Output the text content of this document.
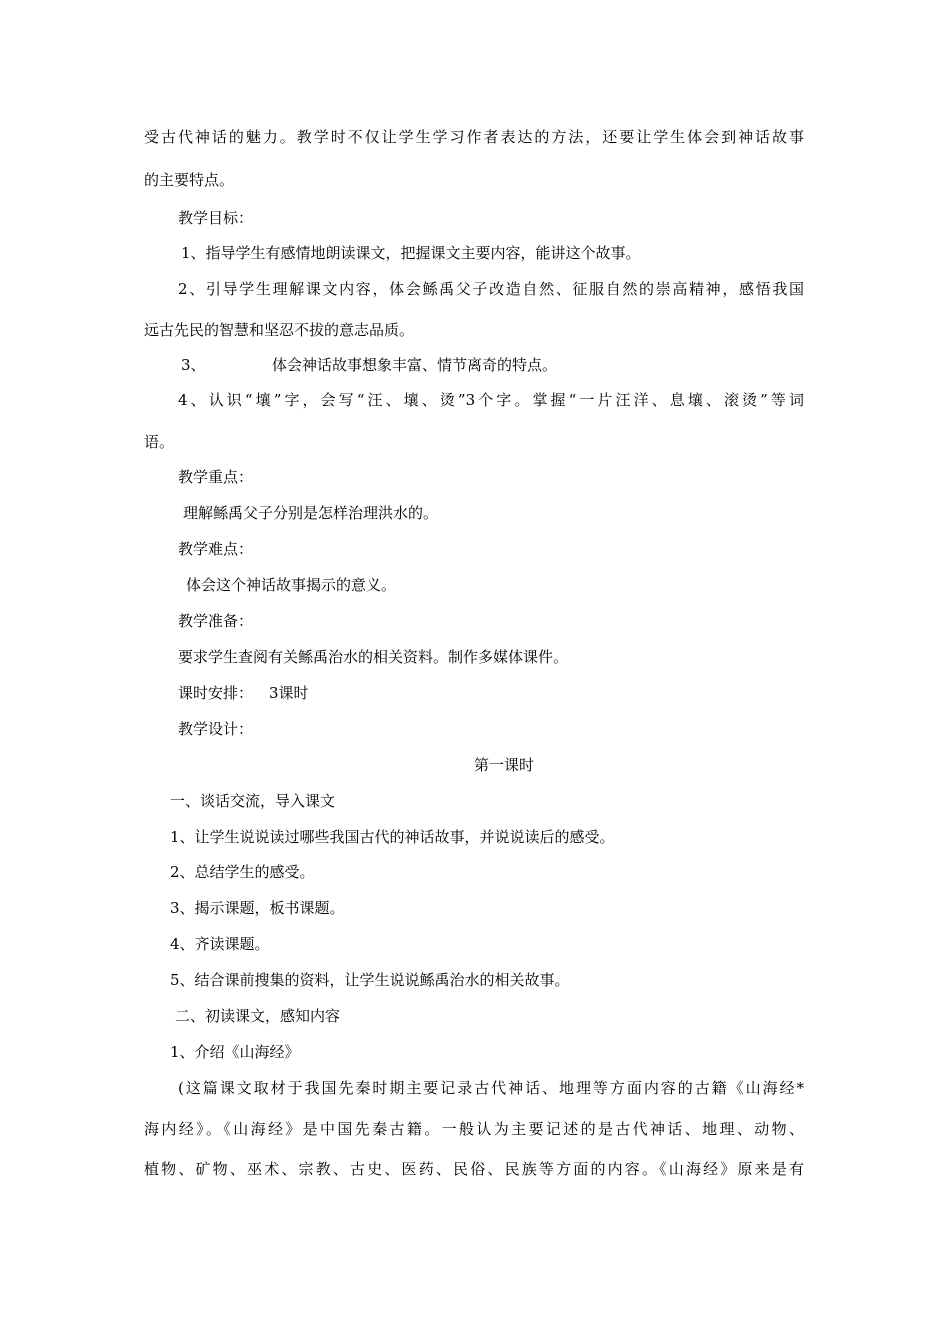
受古代神话的魅力。教学时不仅让学生学习作者表达的方法，还要让学生体会到神话故事
的主要特点。
教学目标：
1、指导学生有感情地朗读课文，把握课文主要内容，能讲这个故事。
2、引导学生理解课文内容，体会鲧禹父子改造自然、征服自然的崇高精神，感悟我国
远古先民的智慧和坚忍不拔的意志品质。
3、	体会神话故事想象丰富、情节离奇的特点。
4、认识“壤”字，会写“汪、壤、烫”3个字。掌握“一片汪洋、息壤、滚烫”等词
语。
教学重点：
理解鲧禹父子分别是怎样治理洪水的。
教学难点：
体会这个神话故事揭示的意义。
教学准备：
要求学生查阅有关鲧禹治水的相关资料。制作多媒体课件。
课时安排： 3课时
教学设计：
第一课时
一、谈话交流，导入课文
1、让学生说说读过哪些我国古代的神话故事，并说说读后的感受。
2、总结学生的感受。
3、揭示课题，板书课题。
4、齐读课题。
5、结合课前搜集的资料，让学生说说鲧禹治水的相关故事。
二、初读课文，感知内容
1、介绍《山海经》
(这篇课文取材于我国先秦时期主要记录古代神话、地理等方面内容的古籍《山海经*
海内经》。《山海经》是中国先秦古籍。一般认为主要记述的是古代神话、地理、动物、
植物、矿物、巫术、宗教、古史、医药、民俗、民族等方面的内容。《山海经》原来是有
